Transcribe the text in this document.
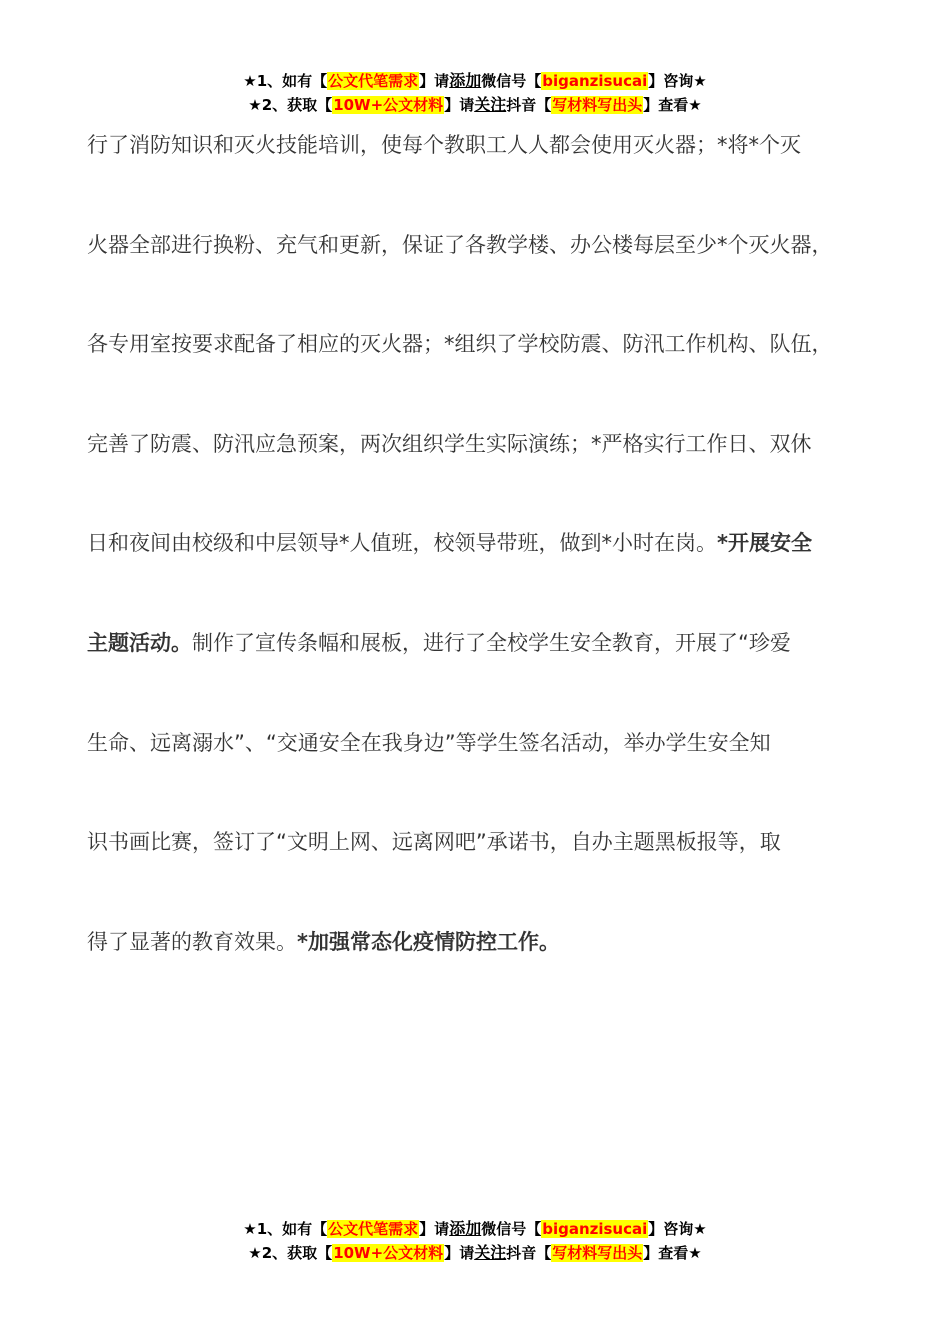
★1、如有【公文代笔需求】请添加微信号【biganzisucai】咨询★
★2、获取【10W+公文材料】请关注抖音【写材料写出头】查看★
行了消防知识和灭火技能培训，使每个教职工人人都会使用灭火器；*将*个灭
火器全部进行换粉、充气和更新，保证了各教学楼、办公楼每层至少*个灭火器，
各专用室按要求配备了相应的灭火器；*组织了学校防震、防汛工作机构、队伍，
完善了防震、防汛应急预案，两次组织学生实际演练；*严格实行工作日、双休
日和夜间由校级和中层领导*人值班，校领导带班，做到*小时在岗。*开展安全
主题活动。制作了宣传条幅和展板，进行了全校学生安全教育，开展了“珍爱
生命、远离溺水”、“交通安全在我身边”等学生签名活动，举办学生安全知
识书画比赛，签订了“文明上网、远离网吧”承诺书，自办主题黑板报等，取
得了显著的教育效果。*加强常态化疫情防控工作。
★1、如有【公文代笔需求】请添加微信号【biganzisucai】咨询★
★2、获取【10W+公文材料】请关注抖音【写材料写出头】查看★
